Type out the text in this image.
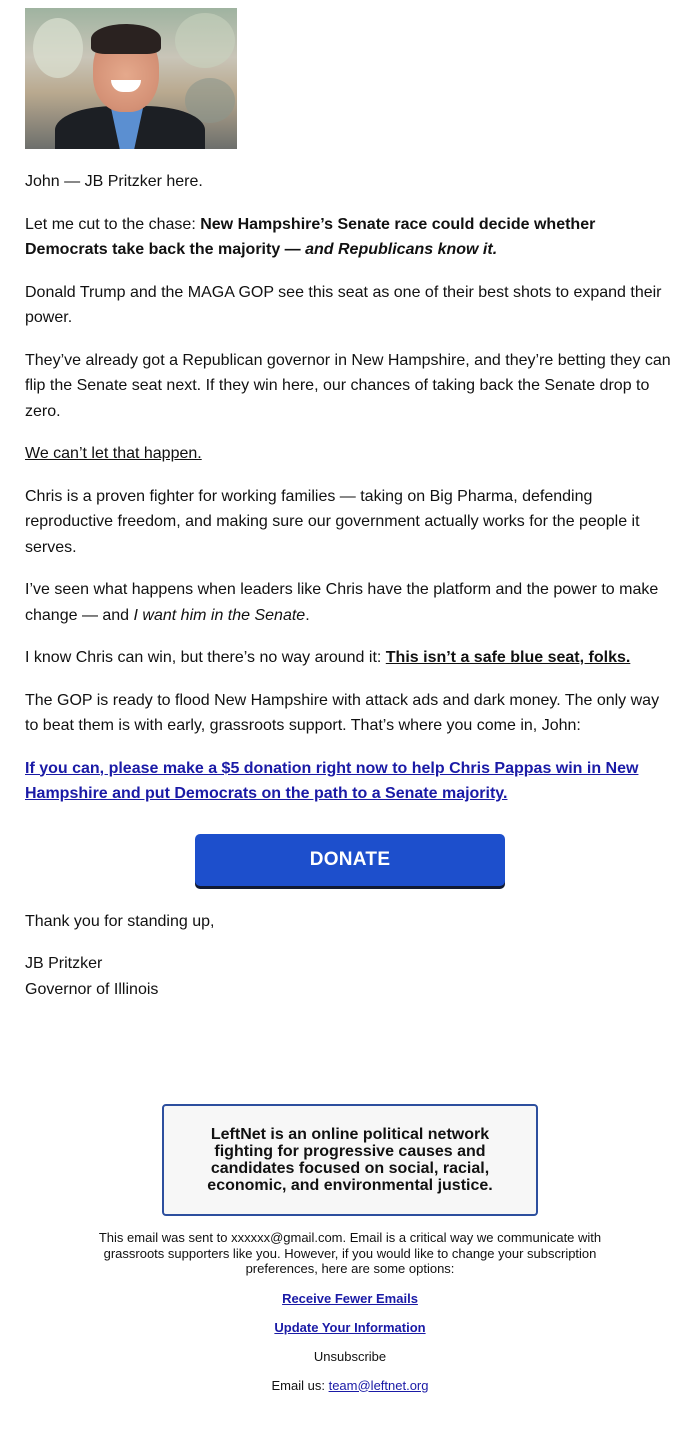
John — JB Pritzker here.

Let me cut to the chase: New Hampshire’s Senate race could decide whether Democrats take back the majority — and Republicans know it.

Donald Trump and the MAGA GOP see this seat as one of their best shots to expand their power.

They’ve already got a Republican governor in New Hampshire, and they’re betting they can flip the Senate seat next. If they win here, our chances of taking back the Senate drop to zero.

We can’t let that happen.

Chris is a proven fighter for working families — taking on Big Pharma, defending reproductive freedom, and making sure our government actually works for the people it serves.

I’ve seen what happens when leaders like Chris have the platform and the power to make change — and I want him in the Senate.

I know Chris can win, but there’s no way around it: This isn’t a safe blue seat, folks.

The GOP is ready to flood New Hampshire with attack ads and dark money. The only way to beat them is with early, grassroots support. That’s where you come in, John:

If you can, please make a $5 donation right now to help Chris Pappas win in New Hampshire and put Democrats on the path to a Senate majority.

DONATE

Thank you for standing up,

JB Pritzker

Governor of Illinois

LeftNet is an online political network fighting for progressive causes and candidates focused on social, racial, economic, and environmental justice.
This email was sent to xxxxxx@gmail.com. Email is a critical way we communicate with grassroots supporters like you. However, if you would like to change your subscription preferences, here are some options:
Receive Fewer Emails
Update Your Information
Unsubscribe
Email us: team@leftnet.org
